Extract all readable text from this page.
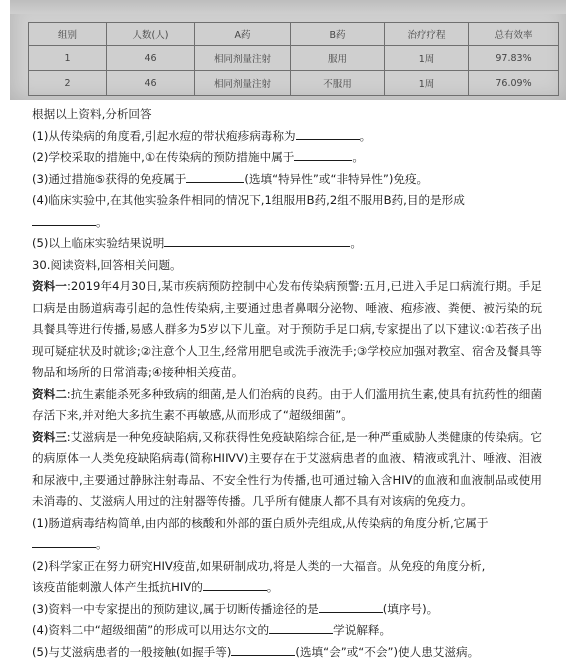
组别	人数(人)	A药	B药	治疗疗程	总有效率
1	46	相同剂量注射	服用	1周	97.83%
2	46	相同剂量注射	不服用	1周	76.09%

根据以上资料,分析回答

(1)从传染病的角度看,引起水痘的带状疱疹病毒称为	。

(2)学校采取的措施中,①在传染病的预防措施中属于	。

(3)通过措施⑤获得的免疫属于	(选填“特异性”或“非特异性”)免疫。

(4)临床实验中,在其他实验条件相同的情况下,1组服用B药,2组不服用B药,目的是形成

。

(5)以上临床实验结果说明	。

30.阅读资料,回答相关问题。

资料一:2019年4月30日,某市疾病预防控制中心发布传染病预警:五月,已进入手足口病流行期。手足口病是由肠道病毒引起的急性传染病,主要通过患者鼻咽分泌物、唾液、疱疹液、粪便、被污染的玩具餐具等进行传播,易感人群多为5岁以下儿童。对于预防手足口病,专家提出了以下建议:①若孩子出现可疑症状及时就诊;②注意个人卫生,经常用肥皂或洗手液洗手;③学校应加强对教室、宿舍及餐具等物品和场所的日常消毒;④接种相关疫苗。

资料二:抗生素能杀死多种致病的细菌,是人们治病的良药。由于人们滥用抗生素,使具有抗药性的细菌存活下来,并对绝大多抗生素不再敏感,从而形成了“超级细菌”。

资料三:艾滋病是一种免疫缺陷病,又称获得性免疫缺陷综合征,是一种严重威胁人类健康的传染病。它的病原体一人类免疫缺陷病毒(简称HIⅣV)主要存在于艾滋病患者的血液、精液或乳汁、唾液、泪液和尿液中,主要通过静脉注射毒品、不安全性行为传播,也可通过输入含HIV的血液和血液制品或使用未消毒的、艾滋病人用过的注射器等传播。几乎所有健康人都不具有对该病的免疫力。

(1)肠道病毒结构简单,由内部的核酸和外部的蛋白质外壳组成,从传染病的角度分析,它属于

。

(2)科学家正在努力研究HIV疫苗,如果研制成功,将是人类的一大福音。从免疫的角度分析,

该疫苗能刺激人体产生抵抗HIV的	。

(3)资料一中专家提出的预防建议,属于切断传播途径的是	(填序号)。

(4)资料二中“超级细菌”的形成可以用达尔文的	学说解释。

(5)与艾滋病患者的一般接触(如握手等)	(选填“会”或“不会”)使人患艾滋病。
